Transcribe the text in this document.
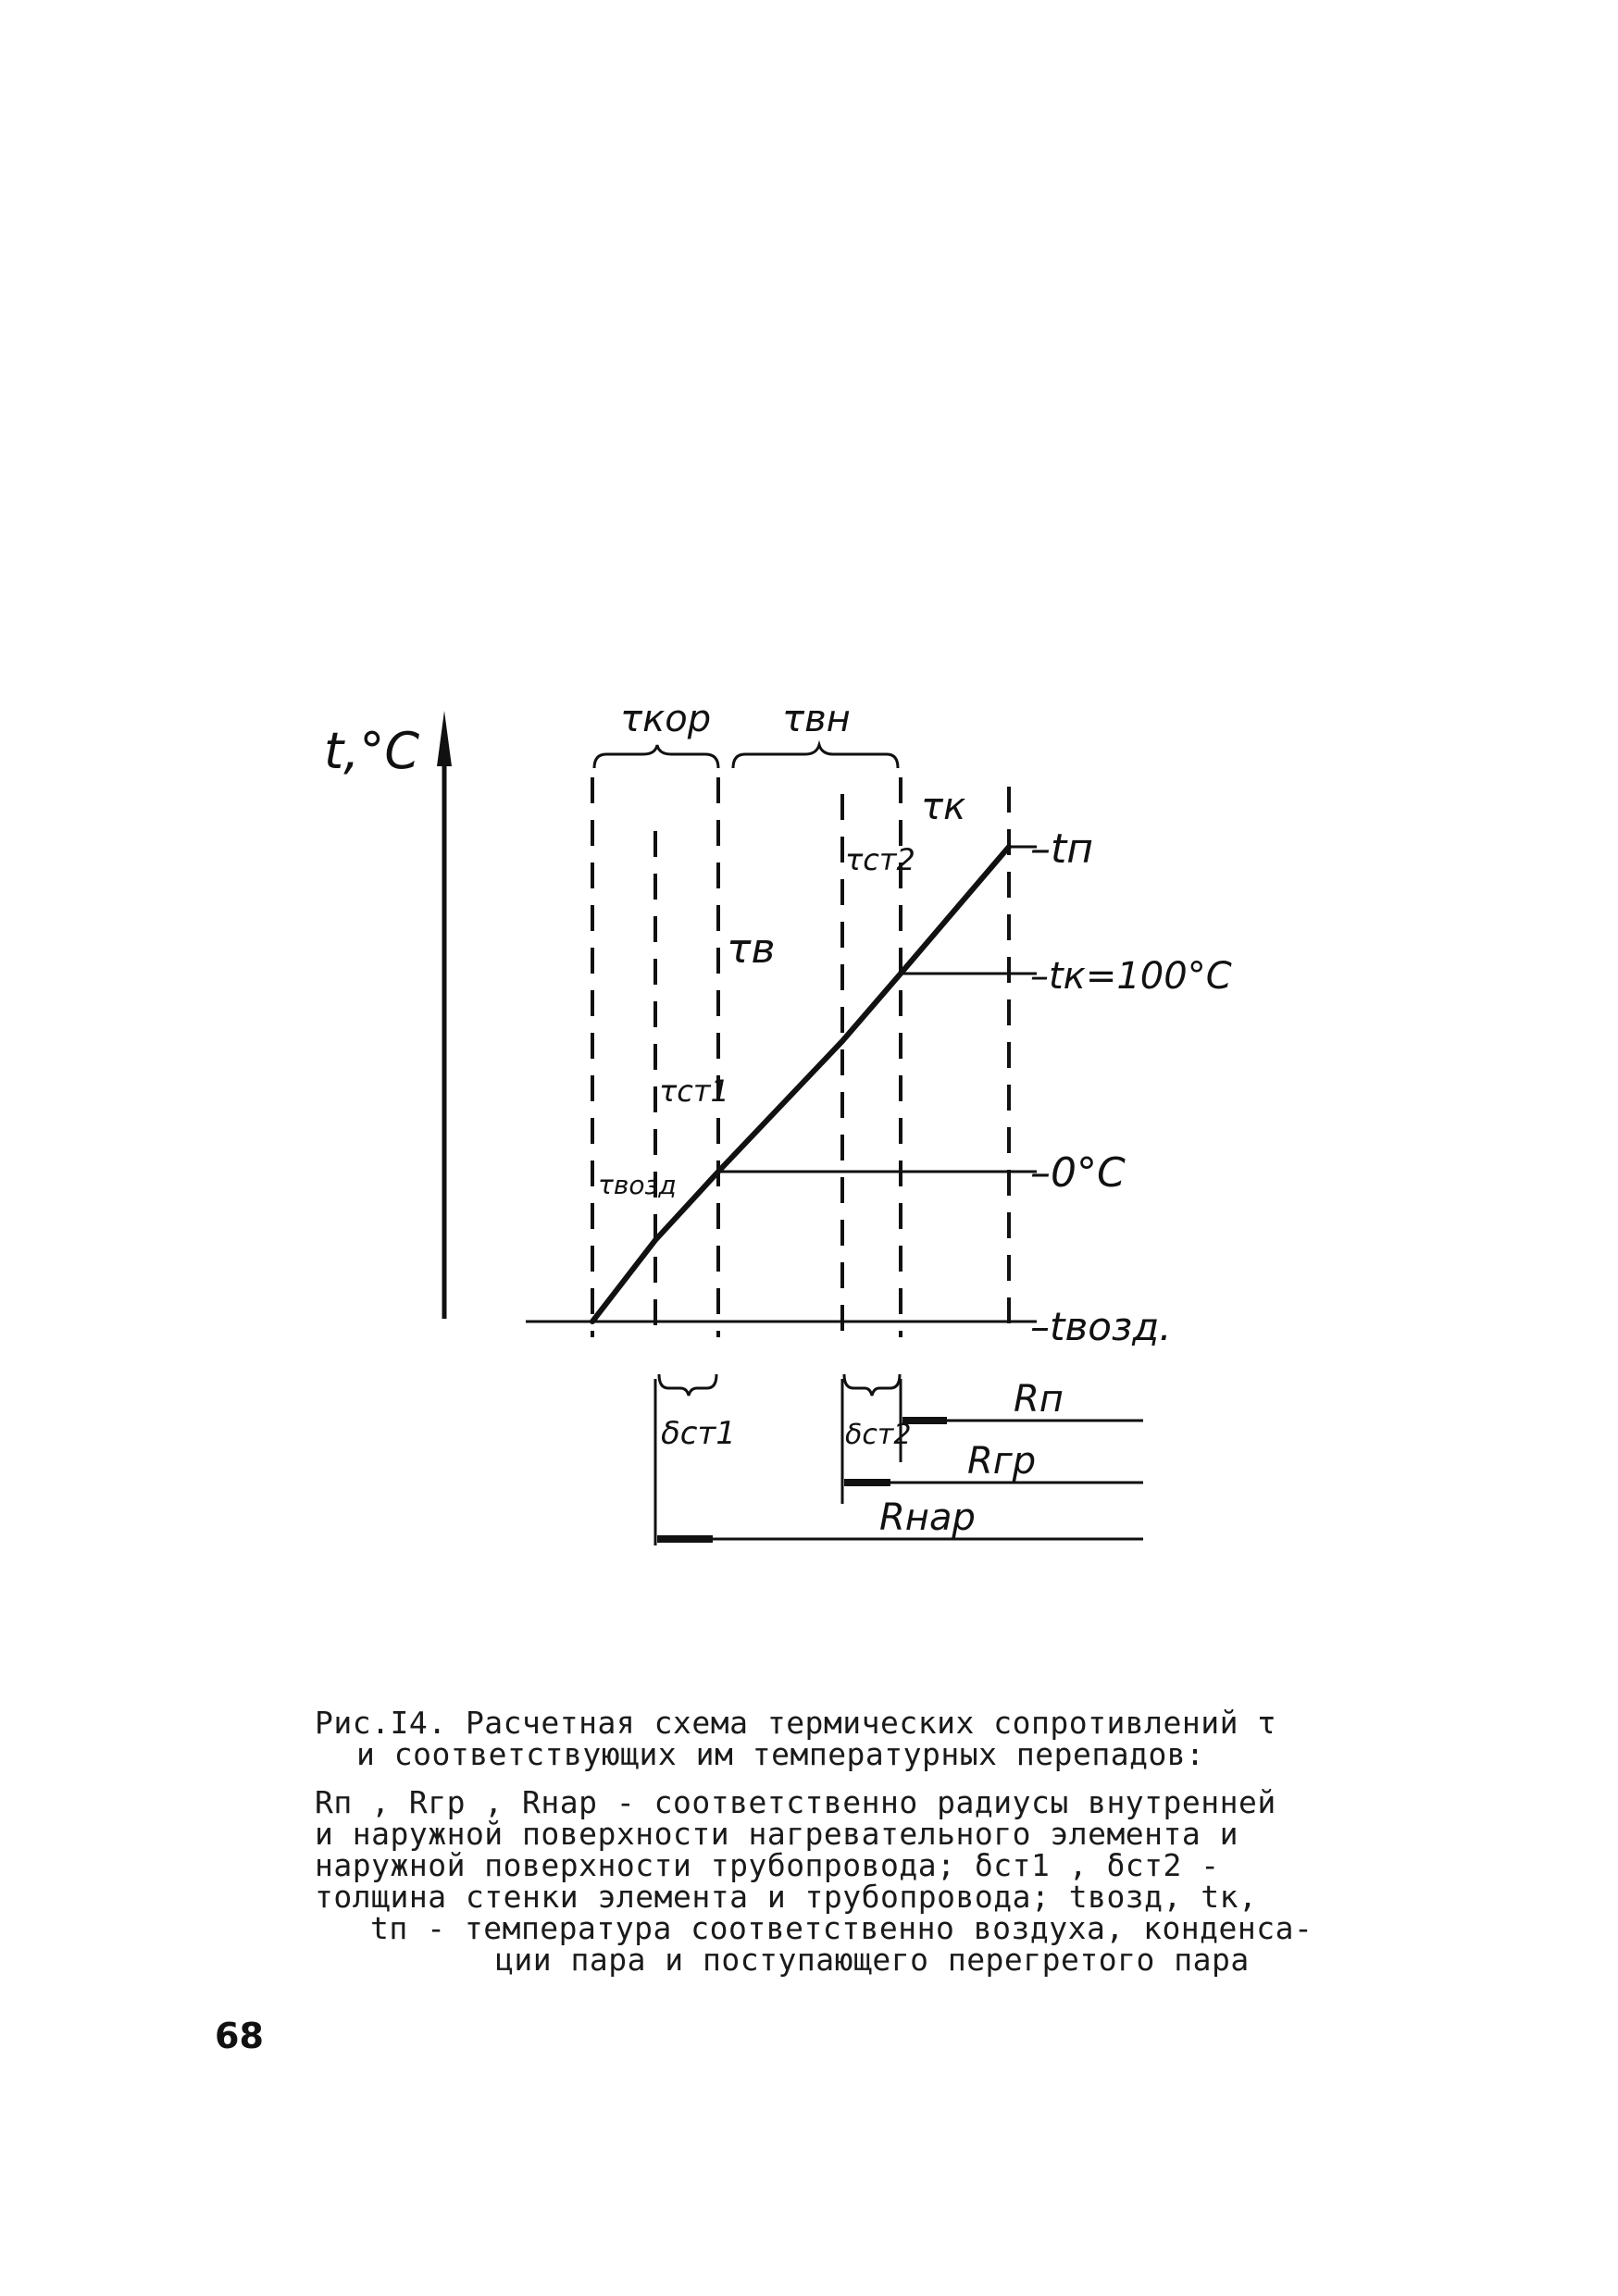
t,°C
τкор τвн
τк
τст2
τв
τст1
τвозд
–tп
–tк=100°C
–0°C
–tвозд.
δст1	δст2
Rп
Rгр
Rнар

Рис.I4. Расчетная схема термических сопротивлений τ

и соответствующих им температурных перепадов:

Rп , Rгр , Rнар - соответственно радиусы внутренней

и наружной поверхности нагревательного элемента и

наружной поверхности трубопровода; δст1 , δст2 -

толщина стенки элемента и трубопровода; tвозд, tк,

tп - температура соответственно воздуха, конденса-

ции пара и поступающего перегретого пара

68
